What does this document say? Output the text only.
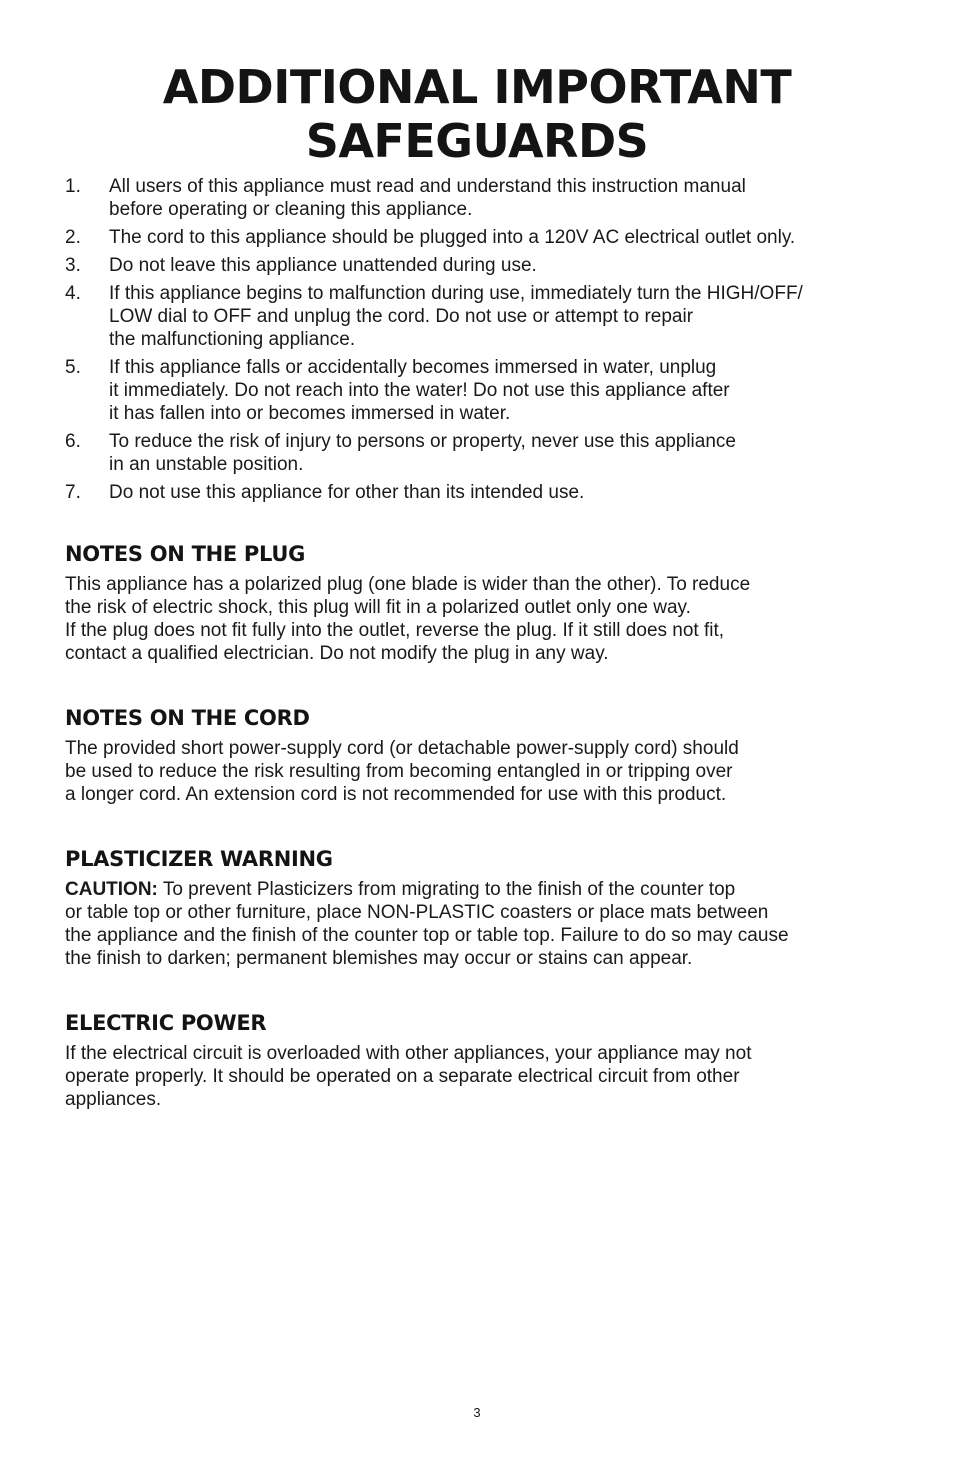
ADDITIONAL IMPORTANT
SAFEGUARDS
1. All users of this appliance must read and understand this instruction manual
before operating or cleaning this appliance.
2. The cord to this appliance should be plugged into a 120V AC electrical outlet only.
3. Do not leave this appliance unattended during use.
4. If this appliance begins to malfunction during use, immediately turn the HIGH/OFF/
LOW dial to OFF and unplug the cord. Do not use or attempt to repair
the malfunctioning appliance.
5. If this appliance falls or accidentally becomes immersed in water, unplug
it immediately. Do not reach into the water! Do not use this appliance after
it has fallen into or becomes immersed in water.
6. To reduce the risk of injury to persons or property, never use this appliance
in an unstable position.
7. Do not use this appliance for other than its intended use.
NOTES ON THE PLUG

This appliance has a polarized plug (one blade is wider than the other). To reduce
the risk of electric shock, this plug will fit in a polarized outlet only one way.
If the plug does not fit fully into the outlet, reverse the plug. If it still does not fit,
contact a qualified electrician. Do not modify the plug in any way.

NOTES ON THE CORD

The provided short power-supply cord (or detachable power-supply cord) should
be used to reduce the risk resulting from becoming entangled in or tripping over
a longer cord. An extension cord is not recommended for use with this product.

PLASTICIZER WARNING

CAUTION: To prevent Plasticizers from migrating to the finish of the counter top
or table top or other furniture, place NON-PLASTIC coasters or place mats between
the appliance and the finish of the counter top or table top. Failure to do so may cause
the finish to darken; permanent blemishes may occur or stains can appear.

ELECTRIC POWER

If the electrical circuit is overloaded with other appliances, your appliance may not
operate properly. It should be operated on a separate electrical circuit from other
appliances.

3
